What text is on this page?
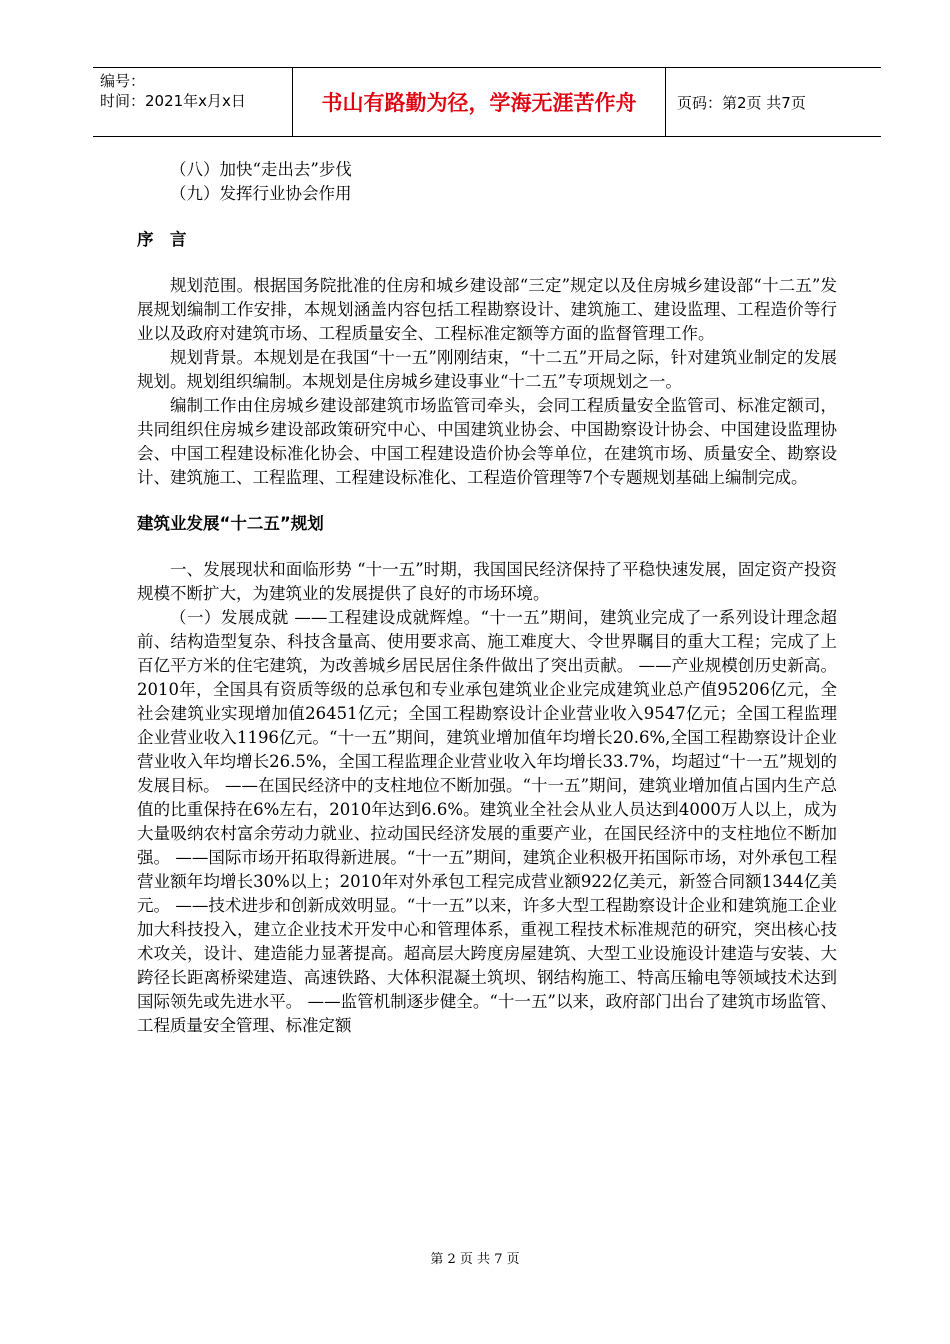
编号：
时间：2021年x月x日	书山有路勤为径，学海无涯苦作舟	页码：第2页 共7页

（八）加快“走出去”步伐

（九）发挥行业协会作用

序　言

规划范围。根据国务院批准的住房和城乡建设部“三定”规定以及住房城乡建设部“十二五”发展规划编制工作安排，本规划涵盖内容包括工程勘察设计、建筑施工、建设监理、工程造价等行业以及政府对建筑市场、工程质量安全、工程标准定额等方面的监督管理工作。

规划背景。本规划是在我国“十一五”刚刚结束，“十二五”开局之际，针对建筑业制定的发展规划。规划组织编制。本规划是住房城乡建设事业“十二五”专项规划之一。

编制工作由住房城乡建设部建筑市场监管司牵头，会同工程质量安全监管司、标准定额司，共同组织住房城乡建设部政策研究中心、中国建筑业协会、中国勘察设计协会、中国建设监理协会、中国工程建设标准化协会、中国工程建设造价协会等单位，在建筑市场、质量安全、勘察设计、建筑施工、工程监理、工程建设标准化、工程造价管理等7个专题规划基础上编制完成。

建筑业发展“十二五”规划

一、发展现状和面临形势 “十一五”时期，我国国民经济保持了平稳快速发展，固定资产投资规模不断扩大，为建筑业的发展提供了良好的市场环境。

（一）发展成就 ——工程建设成就辉煌。“十一五”期间，建筑业完成了一系列设计理念超前、结构造型复杂、科技含量高、使用要求高、施工难度大、令世界瞩目的重大工程；完成了上百亿平方米的住宅建筑，为改善城乡居民居住条件做出了突出贡献。 ——产业规模创历史新高。2010年，全国具有资质等级的总承包和专业承包建筑业企业完成建筑业总产值95206亿元，全社会建筑业实现增加值26451亿元；全国工程勘察设计企业营业收入9547亿元；全国工程监理企业营业收入1196亿元。“十一五”期间，建筑业增加值年均增长20.6%,全国工程勘察设计企业营业收入年均增长26.5%，全国工程监理企业营业收入年均增长33.7%，均超过“十一五”规划的发展目标。 ——在国民经济中的支柱地位不断加强。“十一五”期间，建筑业增加值占国内生产总值的比重保持在6%左右，2010年达到6.6%。建筑业全社会从业人员达到4000万人以上，成为大量吸纳农村富余劳动力就业、拉动国民经济发展的重要产业，在国民经济中的支柱地位不断加强。 ——国际市场开拓取得新进展。“十一五”期间，建筑企业积极开拓国际市场，对外承包工程营业额年均增长30%以上；2010年对外承包工程完成营业额922亿美元，新签合同额1344亿美元。 ——技术进步和创新成效明显。“十一五”以来，许多大型工程勘察设计企业和建筑施工企业加大科技投入，建立企业技术开发中心和管理体系，重视工程技术标准规范的研究，突出核心技术攻关，设计、建造能力显著提高。超高层大跨度房屋建筑、大型工业设施设计建造与安装、大跨径长距离桥梁建造、高速铁路、大体积混凝土筑坝、钢结构施工、特高压输电等领域技术达到国际领先或先进水平。 ——监管机制逐步健全。“十一五”以来，政府部门出台了建筑市场监管、工程质量安全管理、标准定额

第 2 页 共 7 页
